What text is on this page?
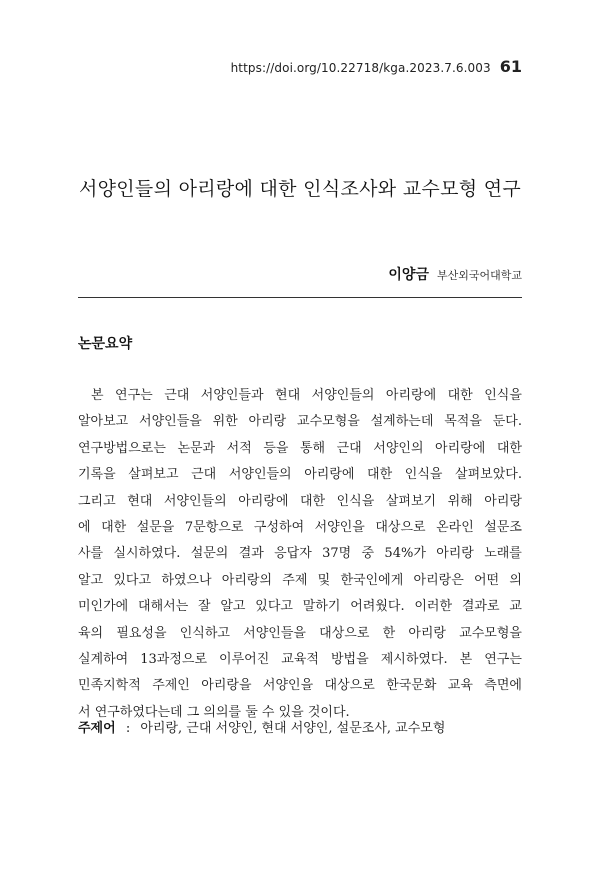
https://doi.org/10.22718/kga.2023.7.6.003 61
서양인들의 아리랑에 대한 인식조사와 교수모형 연구
이양금 부산외국어대학교
논문요약
본 연구는 근대 서양인들과 현대 서양인들의 아리랑에 대한 인식을
알아보고 서양인들을 위한 아리랑 교수모형을 설계하는데 목적을 둔다.
연구방법으로는 논문과 서적 등을 통해 근대 서양인의 아리랑에 대한
기록을 살펴보고 근대 서양인들의 아리랑에 대한 인식을 살펴보았다.
그리고 현대 서양인들의 아리랑에 대한 인식을 살펴보기 위해 아리랑
에 대한 설문을 7문항으로 구성하여 서양인을 대상으로 온라인 설문조
사를 실시하였다. 설문의 결과 응답자 37명 중 54%가 아리랑 노래를
알고 있다고 하였으나 아리랑의 주제 및 한국인에게 아리랑은 어떤 의
미인가에 대해서는 잘 알고 있다고 말하기 어려웠다. 이러한 결과로 교
육의 필요성을 인식하고 서양인들을 대상으로 한 아리랑 교수모형을
실계하여 13과정으로 이루어진 교육적 방법을 제시하였다. 본 연구는
민족지학적 주제인 아리랑을 서양인을 대상으로 한국문화 교육 측면에
서 연구하였다는데 그 의의를 둘 수 있을 것이다.
주제어 : 아리랑, 근대 서양인, 현대 서양인, 설문조사, 교수모형
